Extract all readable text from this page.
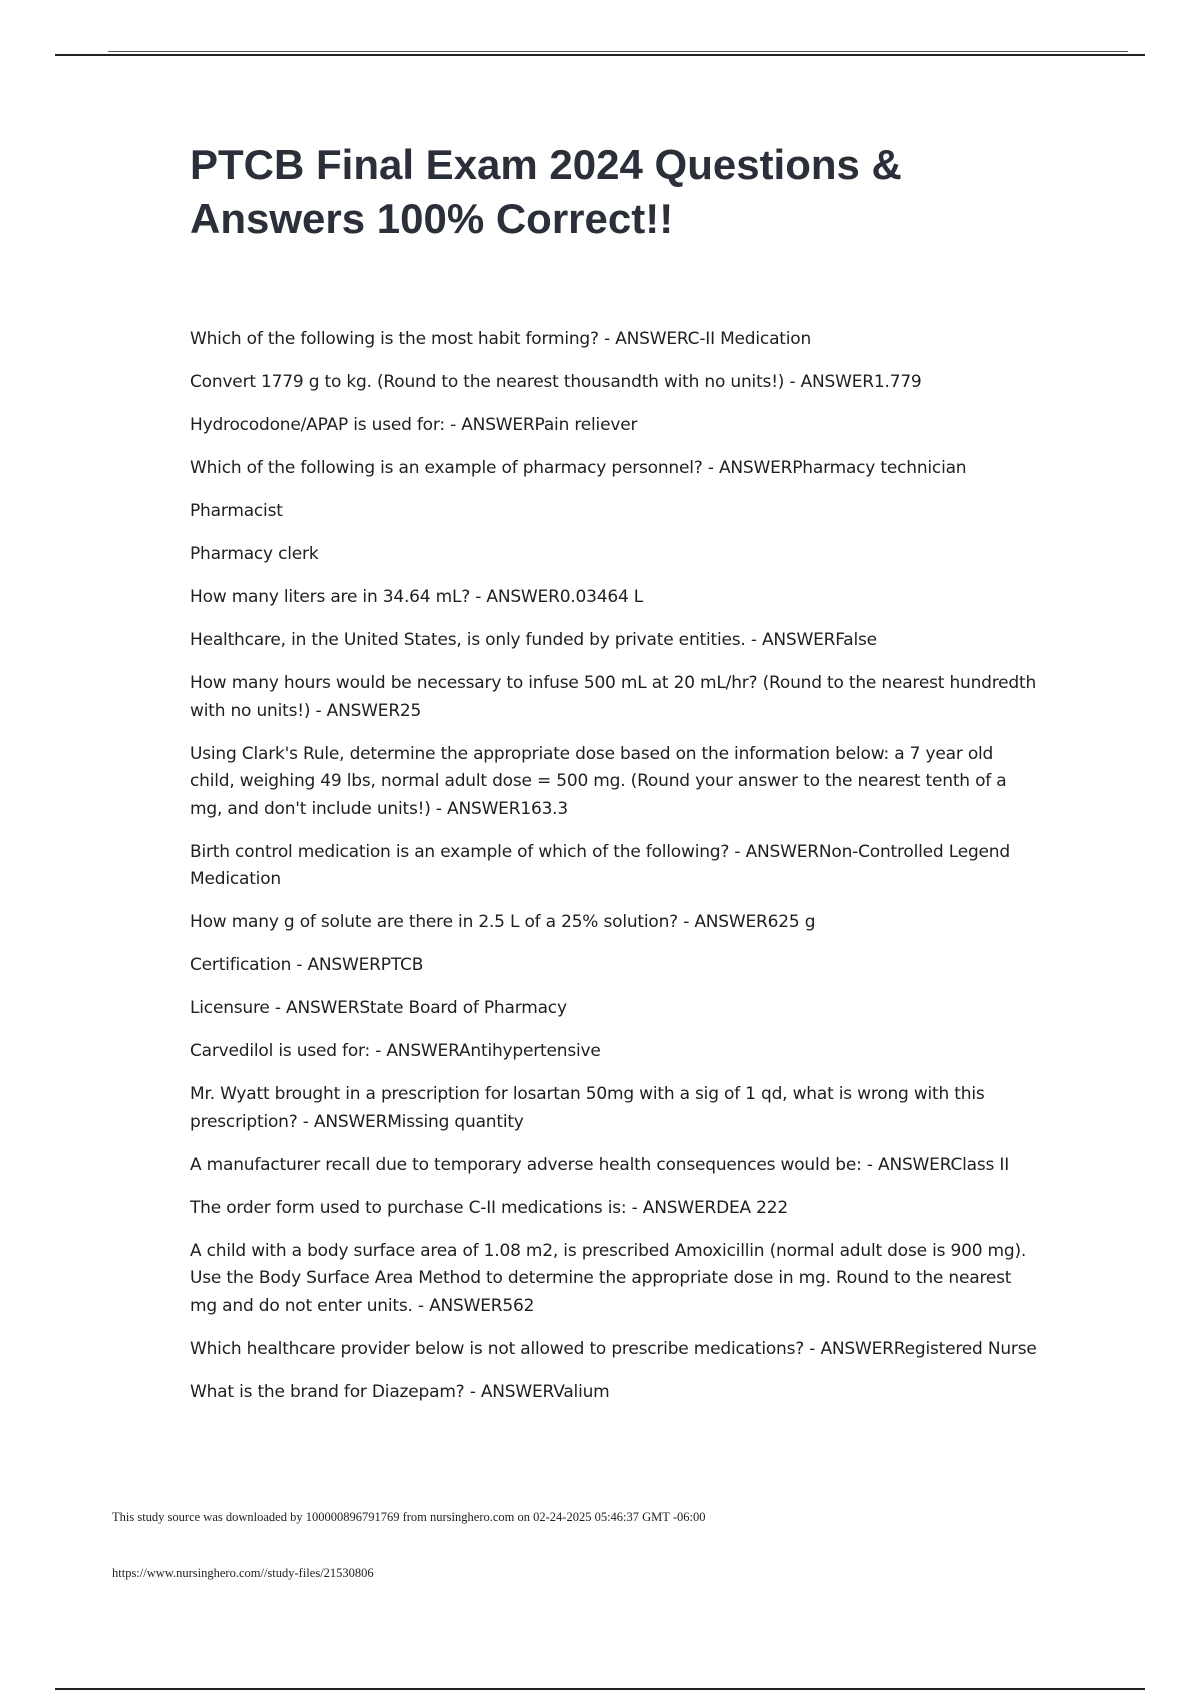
PTCB Final Exam 2024 Questions & Answers 100% Correct!!
Which of the following is the most habit forming? - ANSWERC-II Medication
Convert 1779 g to kg. (Round to the nearest thousandth with no units!) - ANSWER1.779
Hydrocodone/APAP is used for: - ANSWERPain reliever
Which of the following is an example of pharmacy personnel? - ANSWERPharmacy technician
Pharmacist
Pharmacy clerk
How many liters are in 34.64 mL? - ANSWER0.03464 L
Healthcare, in the United States, is only funded by private entities. - ANSWERFalse
How many hours would be necessary to infuse 500 mL at 20 mL/hr? (Round to the nearest hundredth with no units!) - ANSWER25
Using Clark's Rule, determine the appropriate dose based on the information below: a 7 year old child, weighing 49 lbs, normal adult dose = 500 mg. (Round your answer to the nearest tenth of a mg, and don't include units!) - ANSWER163.3
Birth control medication is an example of which of the following? - ANSWERNon-Controlled Legend Medication
How many g of solute are there in 2.5 L of a 25% solution? - ANSWER625 g
Certification - ANSWERPTCB
Licensure - ANSWERState Board of Pharmacy
Carvedilol is used for: - ANSWERAntihypertensive
Mr. Wyatt brought in a prescription for losartan 50mg with a sig of 1 qd, what is wrong with this prescription? - ANSWERMissing quantity
A manufacturer recall due to temporary adverse health consequences would be: - ANSWERClass II
The order form used to purchase C-II medications is: - ANSWERDEA 222
A child with a body surface area of 1.08 m2, is prescribed Amoxicillin (normal adult dose is 900 mg). Use the Body Surface Area Method to determine the appropriate dose in mg. Round to the nearest mg and do not enter units. - ANSWER562
Which healthcare provider below is not allowed to prescribe medications? - ANSWERRegistered Nurse
What is the brand for Diazepam? - ANSWERValium

This study source was downloaded by 100000896791769 from nursinghero.com on 02-24-2025 05:46:37 GMT -06:00

https://www.nursinghero.com//study-files/21530806
